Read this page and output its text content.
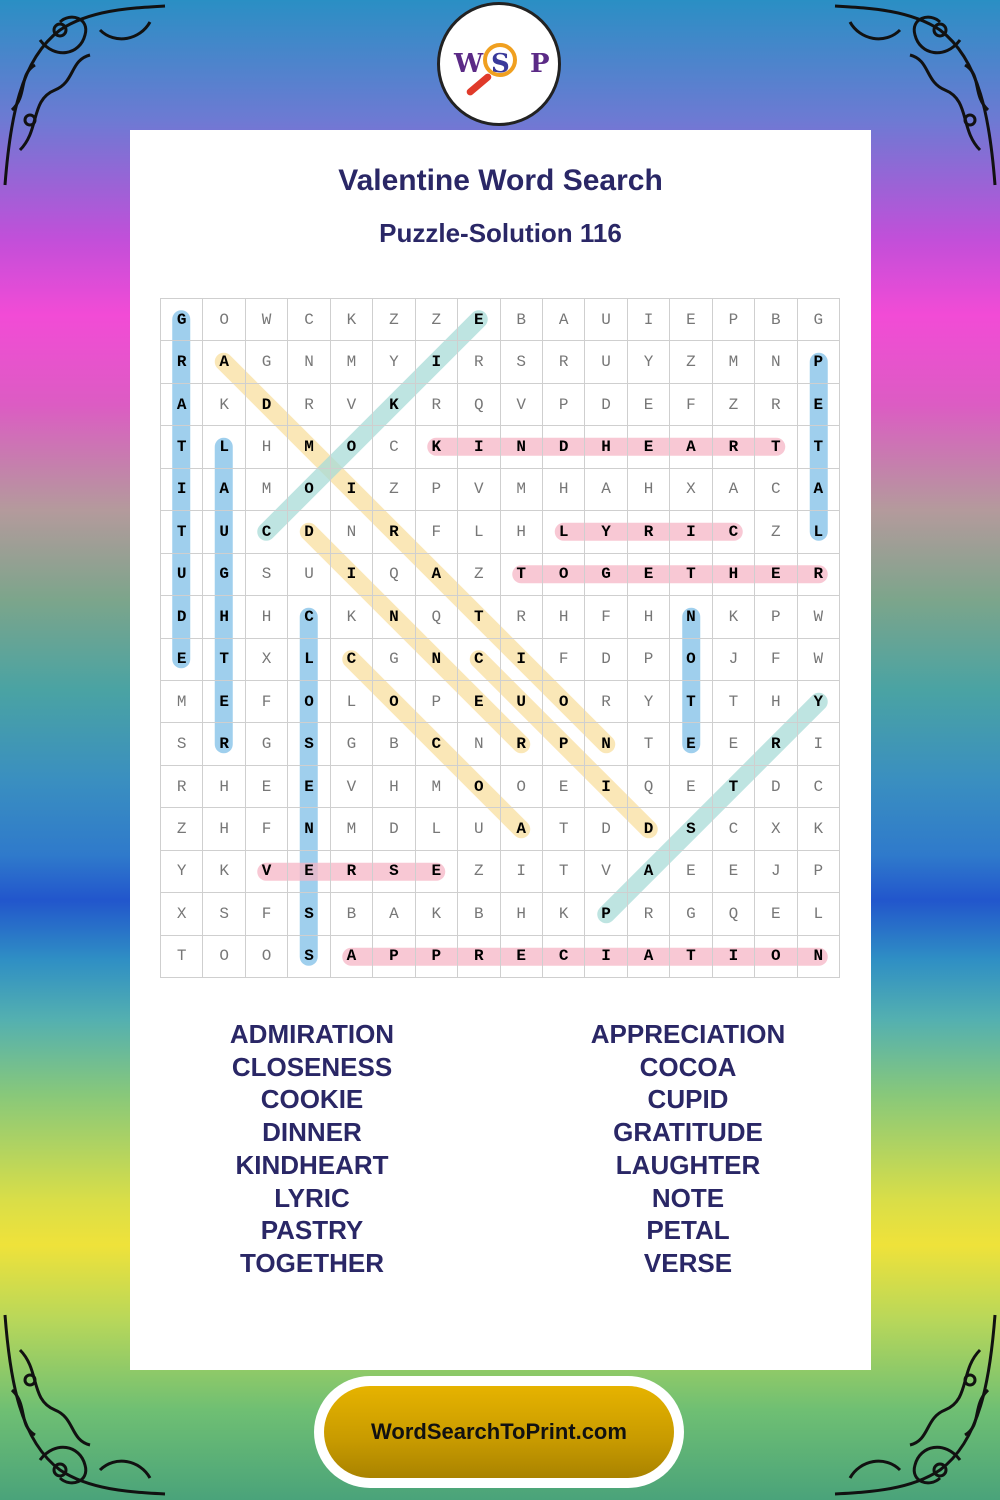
W S P
Valentine Word Search
Puzzle-Solution 116
G	O	W	C	K	Z	Z	E	B	A	U	I	E	P	B	G
R	A	G	N	M	Y	I	R	S	R	U	Y	Z	M	N	P
A	K	D	R	V	K	R	Q	V	P	D	E	F	Z	R	E
T	L	H	M	O	C	K	I	N	D	H	E	A	R	T	T
I	A	M	O	I	Z	P	V	M	H	A	H	X	A	C	A
T	U	C	D	N	R	F	L	H	L	Y	R	I	C	Z	L
U	G	S	U	I	Q	A	Z	T	O	G	E	T	H	E	R
D	H	H	C	K	N	Q	T	R	H	F	H	N	K	P	W
E	T	X	L	C	G	N	C	I	F	D	P	O	J	F	W
M	E	F	O	L	O	P	E	U	O	R	Y	T	T	H	Y
S	R	G	S	G	B	C	N	R	P	N	T	E	E	R	I
R	H	E	E	V	H	M	O	O	E	I	Q	E	T	D	C
Z	H	F	N	M	D	L	U	A	T	D	D	S	C	X	K
Y	K	V	E	R	S	E	Z	I	T	V	A	E	E	J	P
X	S	F	S	B	A	K	B	H	K	P	R	G	Q	E	L
T	O	O	S	A	P	P	R	E	C	I	A	T	I	O	N
ADMIRATION
CLOSENESS
COOKIE
DINNER
KINDHEART
LYRIC
PASTRY
TOGETHER
APPRECIATION
COCOA
CUPID
GRATITUDE
LAUGHTER
NOTE
PETAL
VERSE
WordSearchToPrint.com
